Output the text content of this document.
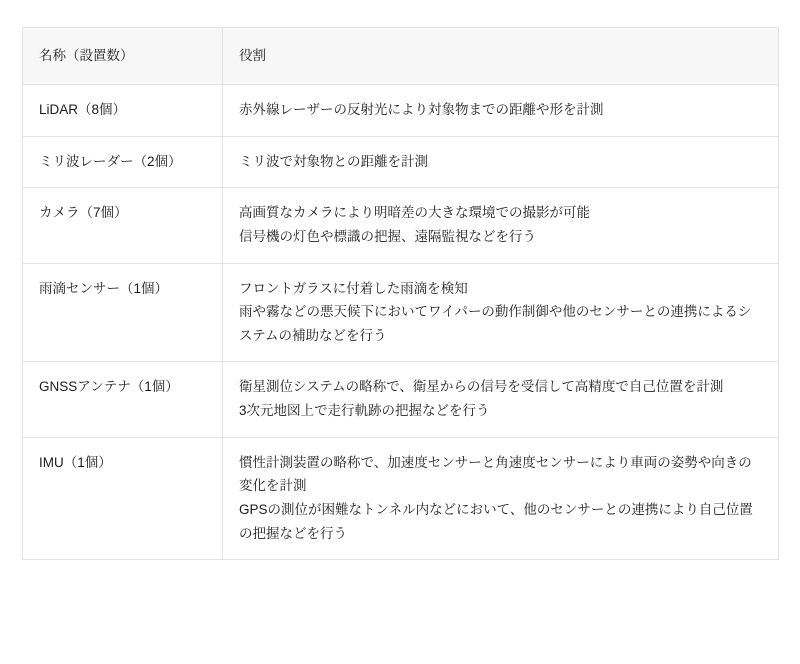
名称（設置数）	役割
LiDAR（8個）	赤外線レーザーの反射光により対象物までの距離や形を計測

ミリ波レーダー（2個）	ミリ波で対象物との距離を計測

カメラ（7個）	高画質なカメラにより明暗差の大きな環境での撮影が可能
信号機の灯色や標識の把握、遠隔監視などを行う

雨滴センサー（1個）	フロントガラスに付着した雨滴を検知
雨や霧などの悪天候下においてワイパーの動作制御や他のセンサーとの連携によるシステムの補助などを行う

GNSSアンテナ（1個）	衛星測位システムの略称で、衛星からの信号を受信して高精度で自己位置を計測
3次元地図上で走行軌跡の把握などを行う

IMU（1個）	慣性計測装置の略称で、加速度センサーと角速度センサーにより車両の姿勢や向きの変化を計測
GPSの測位が困難なトンネル内などにおいて、他のセンサーとの連携により自己位置の把握などを行う
